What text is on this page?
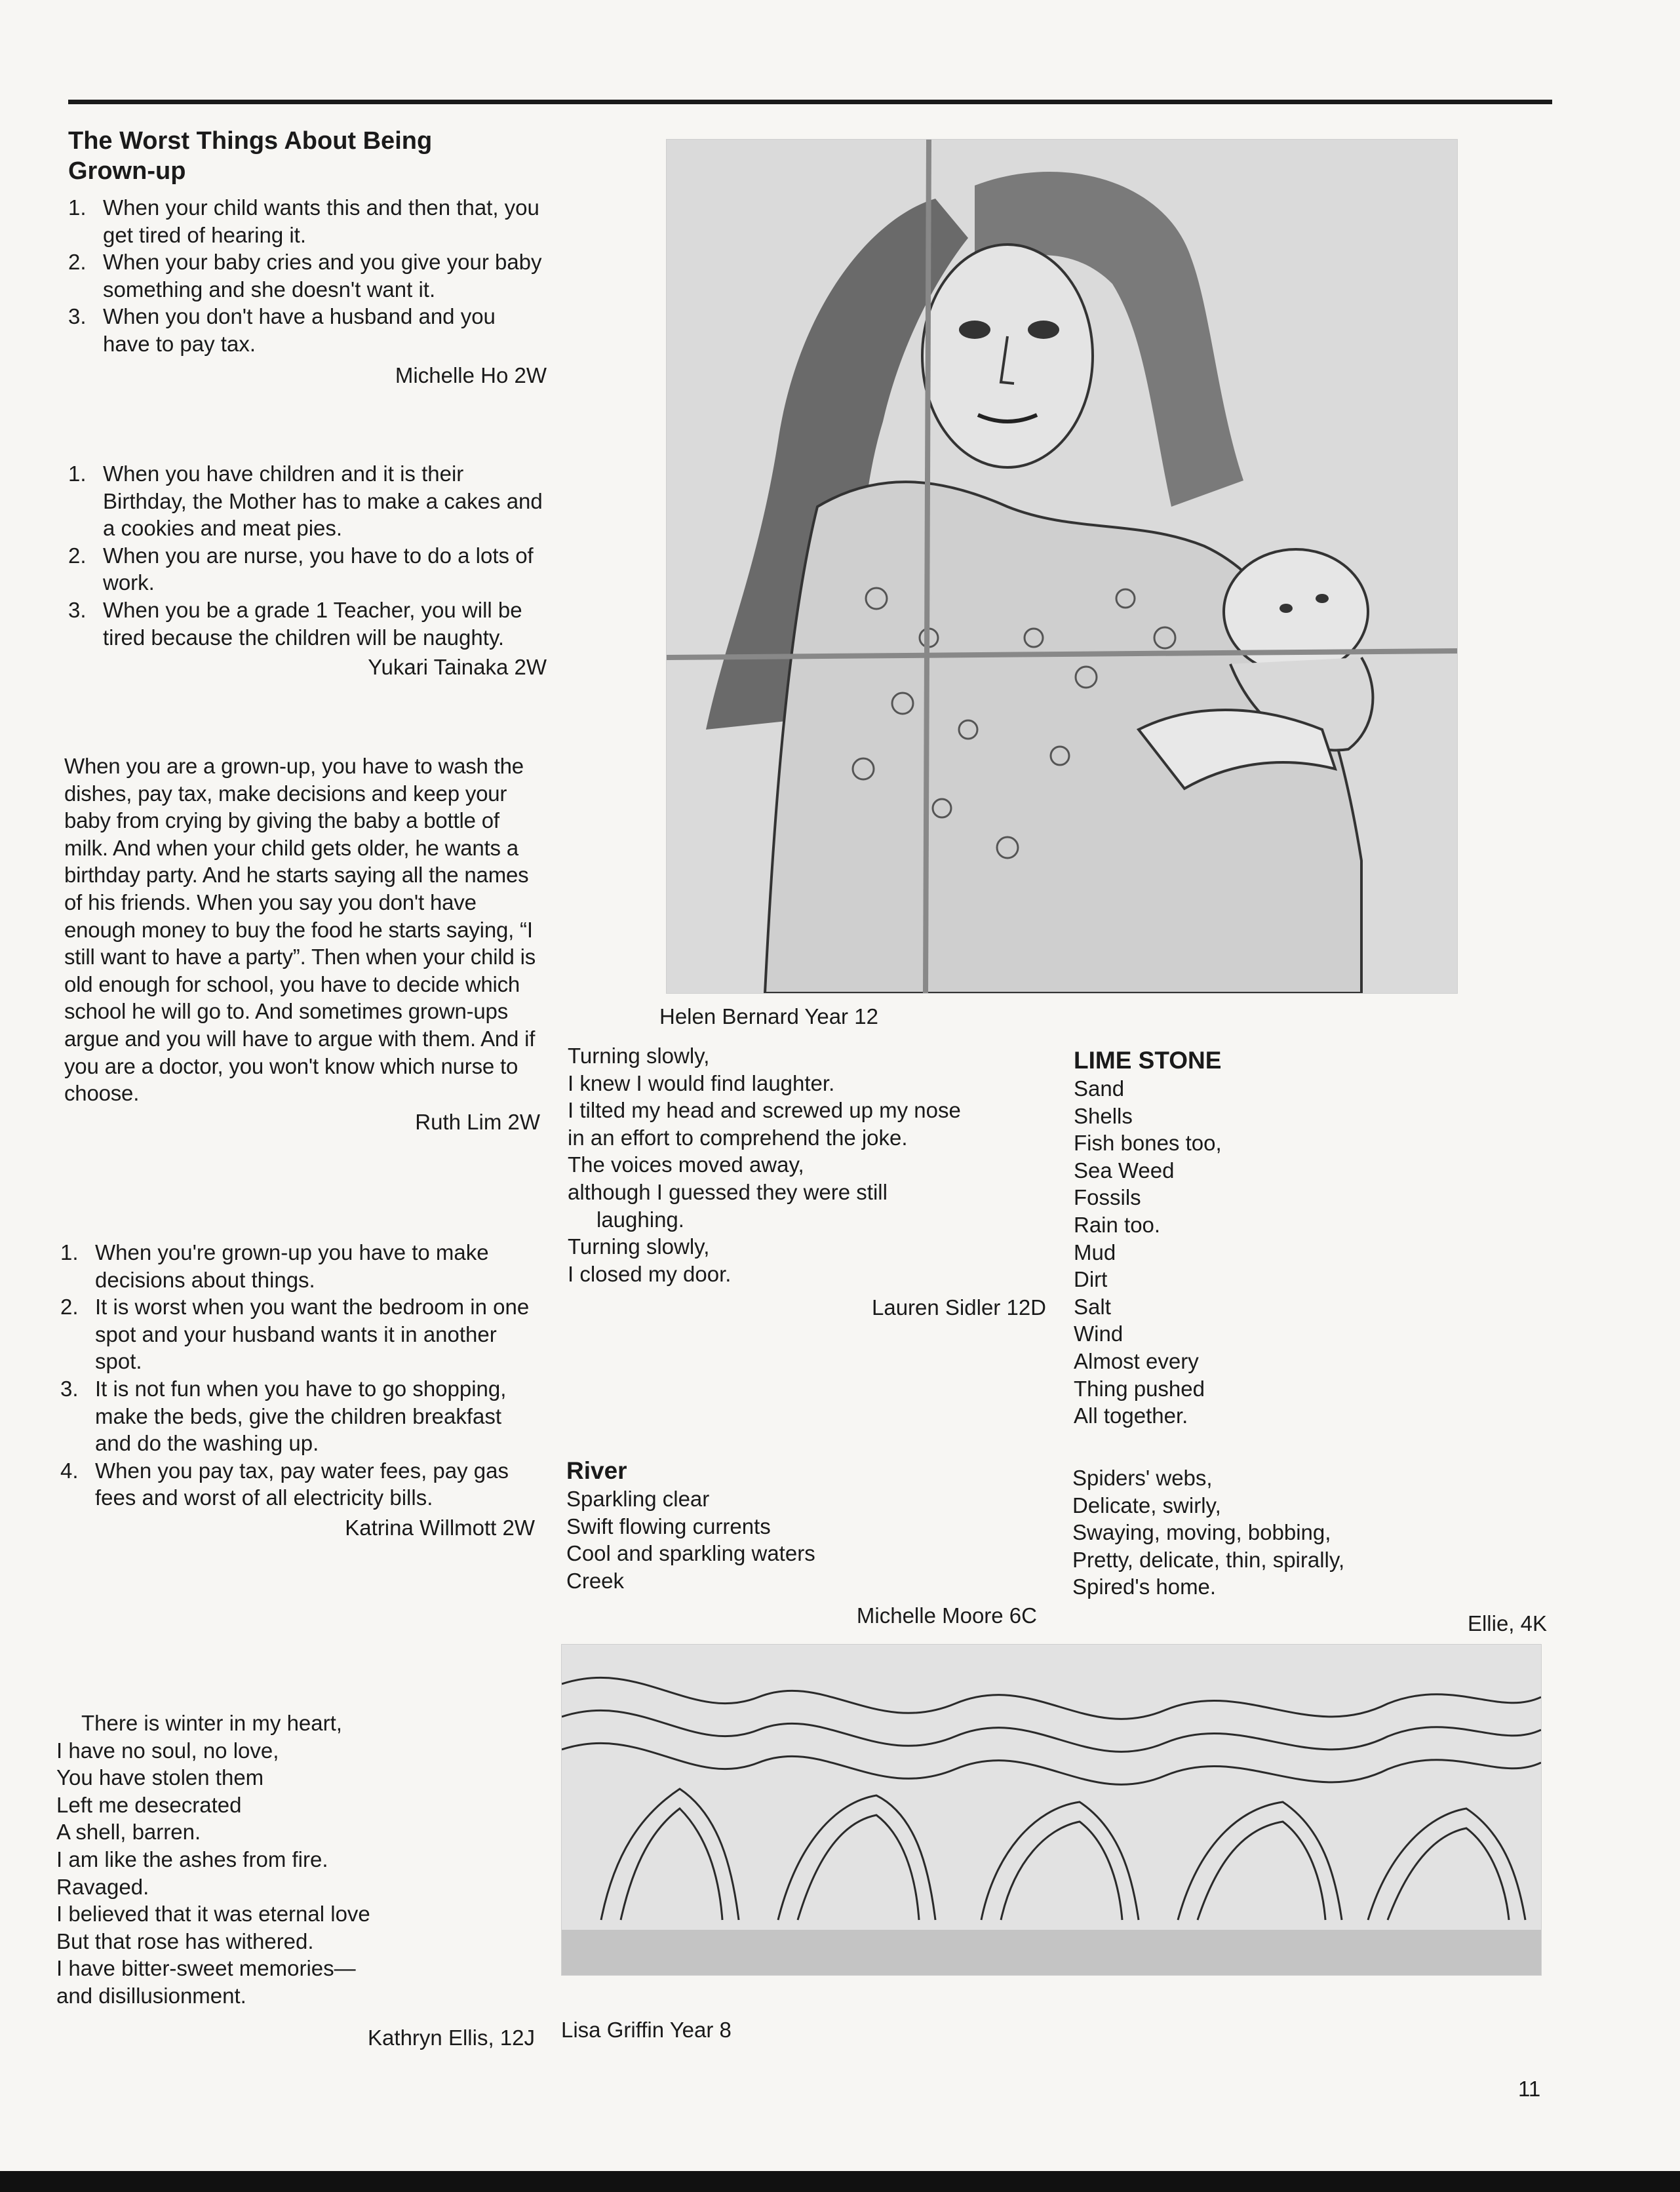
The Worst Things About Being Grown-up
1. When your child wants this and then that, you get tired of hearing it.
2. When your baby cries and you give your baby something and she doesn't want it.
3. When you don't have a husband and you have to pay tax.
Michelle Ho 2W
1. When you have children and it is their Birthday, the Mother has to make a cakes and a cookies and meat pies.
2. When you are nurse, you have to do a lots of work.
3. When you be a grade 1 Teacher, you will be tired because the children will be naughty.
Yukari Tainaka 2W
When you are a grown-up, you have to wash the dishes, pay tax, make decisions and keep your baby from crying by giving the baby a bottle of milk. And when your child gets older, he wants a birthday party. And he starts saying all the names of his friends. When you say you don't have enough money to buy the food he starts saying, “I still want to have a party”. Then when your child is old enough for school, you have to decide which school he will go to. And sometimes grown-ups argue and you will have to argue with them. And if you are a doctor, you won't know which nurse to choose.
Ruth Lim 2W
1. When you're grown-up you have to make decisions about things.
2. It is worst when you want the bedroom in one spot and your husband wants it in another spot.
3. It is not fun when you have to go shopping, make the beds, give the children breakfast and do the washing up.
4. When you pay tax, pay water fees, pay gas fees and worst of all electricity bills.
Katrina Willmott 2W
There is winter in my heart,
I have no soul, no love,
You have stolen them
Left me desecrated
A shell, barren.
I am like the ashes from fire.
Ravaged.
I believed that it was eternal love
But that rose has withered.
I have bitter-sweet memories—
and disillusionment.
Kathryn Ellis, 12J
Helen Bernard Year 12
Turning slowly,
I knew I would find laughter.
I tilted my head and screwed up my nose
in an effort to comprehend the joke.
The voices moved away,
although I guessed they were still
laughing.
Turning slowly,
I closed my door.
Lauren Sidler 12D
River
Sparkling clear
Swift flowing currents
Cool and sparkling waters
Creek
Michelle Moore 6C
LIME STONE
Sand
Shells
Fish bones too,
Sea Weed
Fossils
Rain too.
Mud
Dirt
Salt
Wind
Almost every
Thing pushed
All together.
Spiders' webs,
Delicate, swirly,
Swaying, moving, bobbing,
Pretty, delicate, thin, spirally,
Spired's home.
Ellie, 4K
Lisa Griffin Year 8
11
